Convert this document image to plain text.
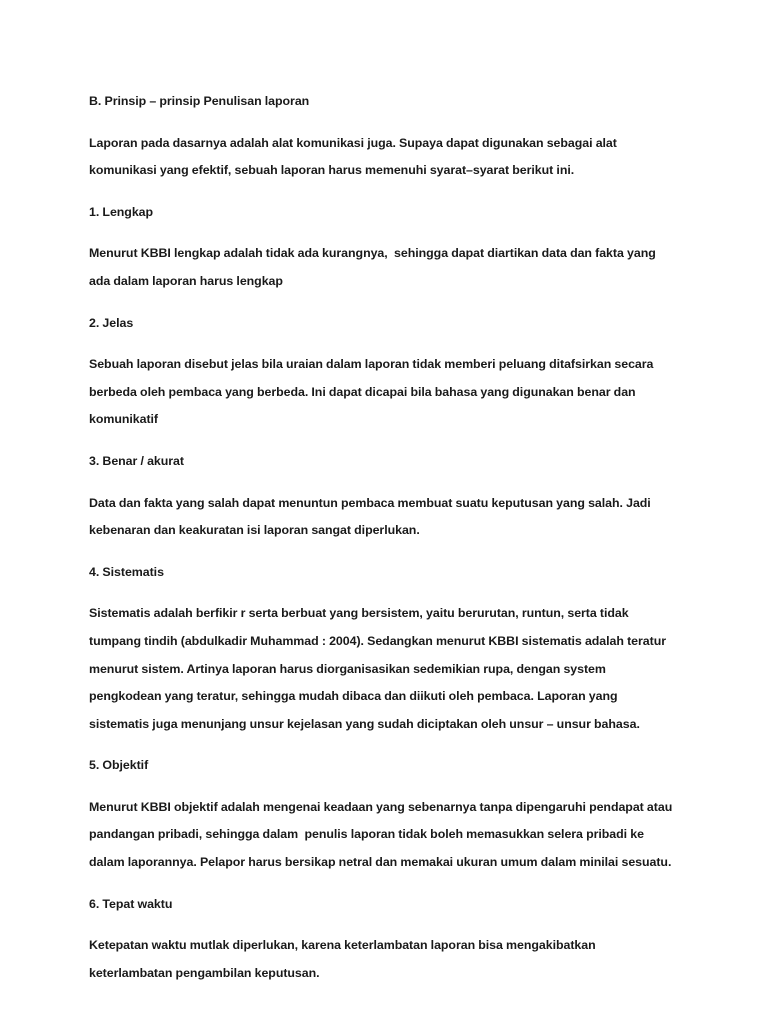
B. Prinsip – prinsip Penulisan laporan

Laporan pada dasarnya adalah alat komunikasi juga. Supaya dapat digunakan sebagai alat komunikasi yang efektif, sebuah laporan harus memenuhi syarat–syarat berikut ini.

1. Lengkap

Menurut KBBI lengkap adalah tidak ada kurangnya,  sehingga dapat diartikan data dan fakta yang ada dalam laporan harus lengkap

2. Jelas

Sebuah laporan disebut jelas bila uraian dalam laporan tidak memberi peluang ditafsirkan secara berbeda oleh pembaca yang berbeda. Ini dapat dicapai bila bahasa yang digunakan benar dan komunikatif

3. Benar / akurat

Data dan fakta yang salah dapat menuntun pembaca membuat suatu keputusan yang salah. Jadi kebenaran dan keakuratan isi laporan sangat diperlukan.

4. Sistematis

Sistematis adalah berfikir r serta berbuat yang bersistem, yaitu berurutan, runtun, serta tidak tumpang tindih (abdulkadir Muhammad : 2004). Sedangkan menurut KBBI sistematis adalah teratur menurut sistem. Artinya laporan harus diorganisasikan sedemikian rupa, dengan system pengkodean yang teratur, sehingga mudah dibaca dan diikuti oleh pembaca. Laporan yang sistematis juga menunjang unsur kejelasan yang sudah diciptakan oleh unsur – unsur bahasa.

5. Objektif

Menurut KBBI objektif adalah mengenai keadaan yang sebenarnya tanpa dipengaruhi pendapat atau pandangan pribadi, sehingga dalam  penulis laporan tidak boleh memasukkan selera pribadi ke dalam laporannya. Pelapor harus bersikap netral dan memakai ukuran umum dalam minilai sesuatu.

6. Tepat waktu

Ketepatan waktu mutlak diperlukan, karena keterlambatan laporan bisa mengakibatkan keterlambatan pengambilan keputusan.
